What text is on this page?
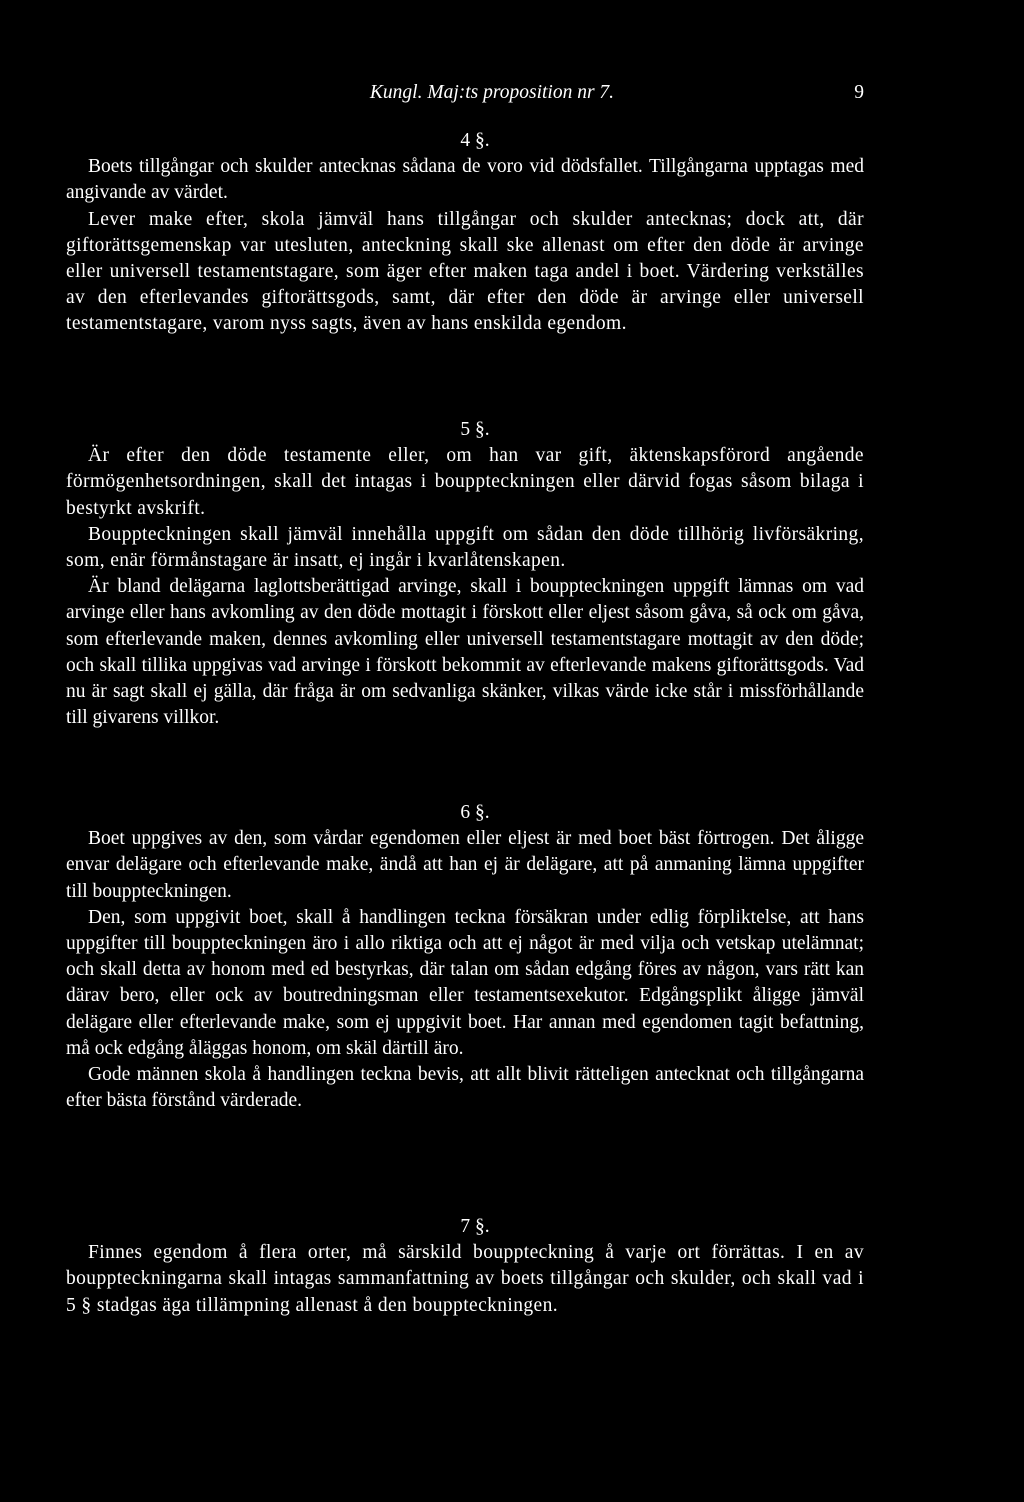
Kungl. Maj:ts proposition nr 7.	9
4 §.

Boets tillgångar och skulder antecknas sådana de voro vid dödsfallet. Tillgångarna upptagas med angivande av värdet.

Lever make efter, skola jämväl hans tillgångar och skulder antecknas; dock att, där giftorättsgemenskap var utesluten, anteckning skall ske allenast om efter den döde är arvinge eller universell testamentstagare, som äger efter maken taga andel i boet. Värdering verkställes av den efterlevandes giftorättsgods, samt, där efter den döde är arvinge eller universell testamentstagare, varom nyss sagts, även av hans enskilda egendom.

5 §.

Är efter den döde testamente eller, om han var gift, äktenskapsförord angående förmögenhetsordningen, skall det intagas i bouppteckningen eller därvid fogas såsom bilaga i bestyrkt avskrift.

Bouppteckningen skall jämväl innehålla uppgift om sådan den döde tillhörig livförsäkring, som, enär förmånstagare är insatt, ej ingår i kvarlåtenskapen.

Är bland delägarna laglottsberättigad arvinge, skall i bouppteckningen uppgift lämnas om vad arvinge eller hans avkomling av den döde mottagit i förskott eller eljest såsom gåva, så ock om gåva, som efterlevande maken, dennes avkomling eller universell testamentstagare mottagit av den döde; och skall tillika uppgivas vad arvinge i förskott bekommit av efterlevande makens giftorättsgods. Vad nu är sagt skall ej gälla, där fråga är om sedvanliga skänker, vilkas värde icke står i missförhållande till givarens villkor.

6 §.

Boet uppgives av den, som vårdar egendomen eller eljest är med boet bäst förtrogen. Det åligge envar delägare och efterlevande make, ändå att han ej är delägare, att på anmaning lämna uppgifter till bouppteckningen.

Den, som uppgivit boet, skall å handlingen teckna försäkran under edlig förpliktelse, att hans uppgifter till bouppteckningen äro i allo riktiga och att ej något är med vilja och vetskap utelämnat; och skall detta av honom med ed bestyrkas, där talan om sådan edgång föres av någon, vars rätt kan därav bero, eller ock av boutredningsman eller testamentsexekutor. Edgångsplikt åligge jämväl delägare eller efterlevande make, som ej uppgivit boet. Har annan med egendomen tagit befattning, må ock edgång åläggas honom, om skäl därtill äro.

Gode männen skola å handlingen teckna bevis, att allt blivit rätteligen antecknat och tillgångarna efter bästa förstånd värderade.

7 §.

Finnes egendom å flera orter, må särskild bouppteckning å varje ort förrättas. I en av bouppteckningarna skall intagas sammanfattning av boets tillgångar och skulder, och skall vad i 5 § stadgas äga tillämpning allenast å den bouppteckningen.
